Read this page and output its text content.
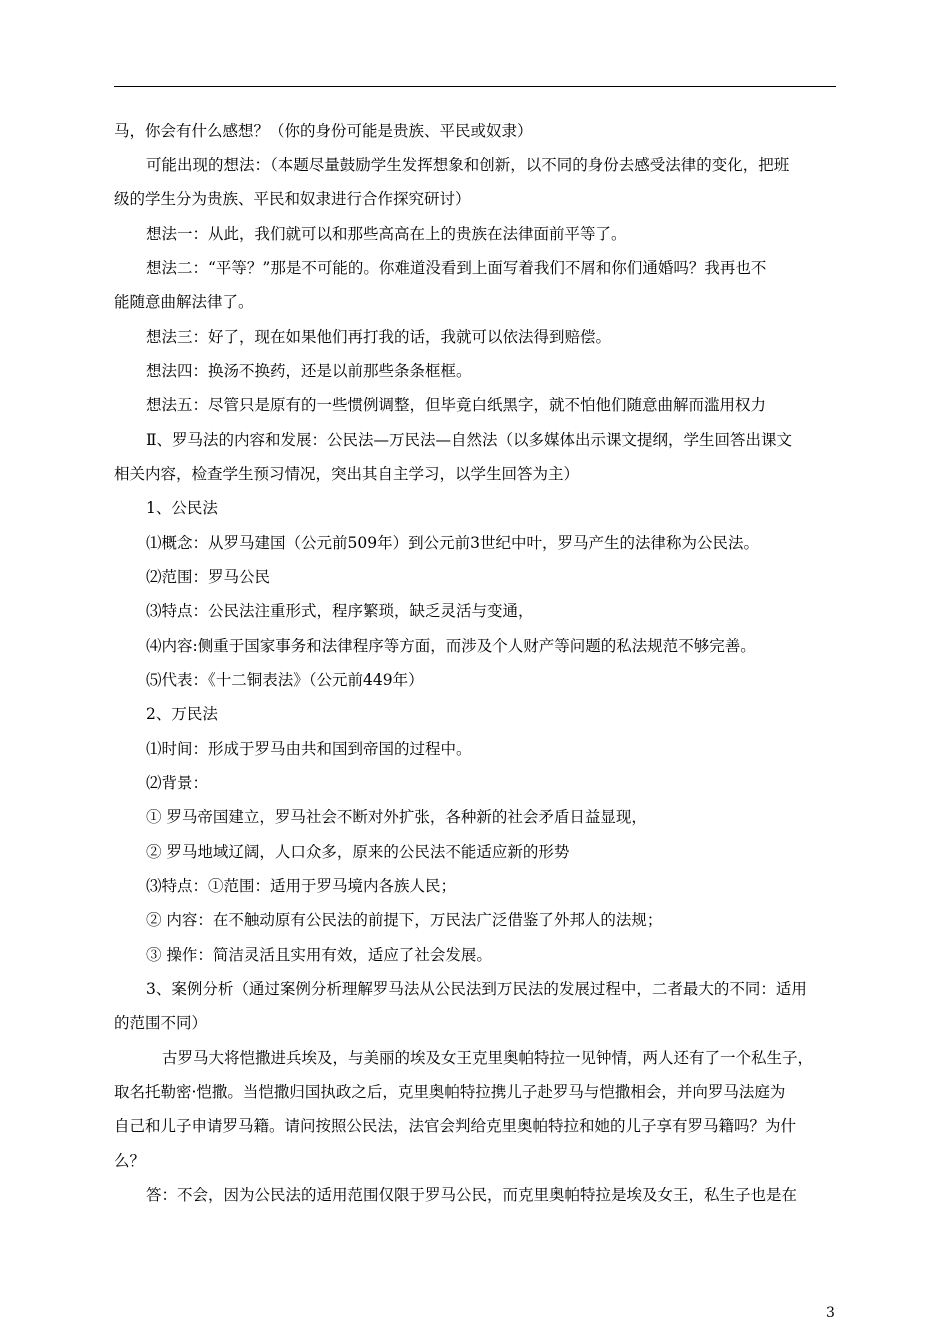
马，你会有什么感想？（你的身份可能是贵族、平民或奴隶）
可能出现的想法：（本题尽量鼓励学生发挥想象和创新，以不同的身份去感受法律的变化，把班
级的学生分为贵族、平民和奴隶进行合作探究研讨）
想法一：从此，我们就可以和那些高高在上的贵族在法律面前平等了。
想法二：“平等？”那是不可能的。你难道没看到上面写着我们不屑和你们通婚吗？我再也不
能随意曲解法律了。
想法三：好了，现在如果他们再打我的话，我就可以依法得到赔偿。
想法四：换汤不换药，还是以前那些条条框框。
想法五：尽管只是原有的一些惯例调整，但毕竟白纸黑字，就不怕他们随意曲解而滥用权力
Ⅱ、罗马法的内容和发展：公民法—万民法—自然法（以多媒体出示课文提纲，学生回答出课文
相关内容，检查学生预习情况，突出其自主学习，以学生回答为主）
1、公民法
⑴概念：从罗马建国（公元前509年）到公元前3世纪中叶，罗马产生的法律称为公民法。
⑵范围：罗马公民
⑶特点：公民法注重形式，程序繁琐，缺乏灵活与变通，
⑷内容:侧重于国家事务和法律程序等方面，而涉及个人财产等问题的私法规范不够完善。
⑸代表：《十二铜表法》（公元前449年）
2、万民法
⑴时间：形成于罗马由共和国到帝国的过程中。
⑵背景：
① 罗马帝国建立，罗马社会不断对外扩张，各种新的社会矛盾日益显现，
② 罗马地域辽阔，人口众多，原来的公民法不能适应新的形势
⑶特点：①范围：适用于罗马境内各族人民；
② 内容：在不触动原有公民法的前提下，万民法广泛借鉴了外邦人的法规；
③ 操作：简洁灵活且实用有效，适应了社会发展。
3、案例分析（通过案例分析理解罗马法从公民法到万民法的发展过程中，二者最大的不同：适用
的范围不同）
古罗马大将恺撒进兵埃及，与美丽的埃及女王克里奥帕特拉一见钟情，两人还有了一个私生子，
取名托勒密·恺撒。当恺撒归国执政之后，克里奥帕特拉携儿子赴罗马与恺撒相会，并向罗马法庭为
自己和儿子申请罗马籍。请问按照公民法，法官会判给克里奥帕特拉和她的儿子享有罗马籍吗？为什
么？
答：不会，因为公民法的适用范围仅限于罗马公民，而克里奥帕特拉是埃及女王，私生子也是在
3
